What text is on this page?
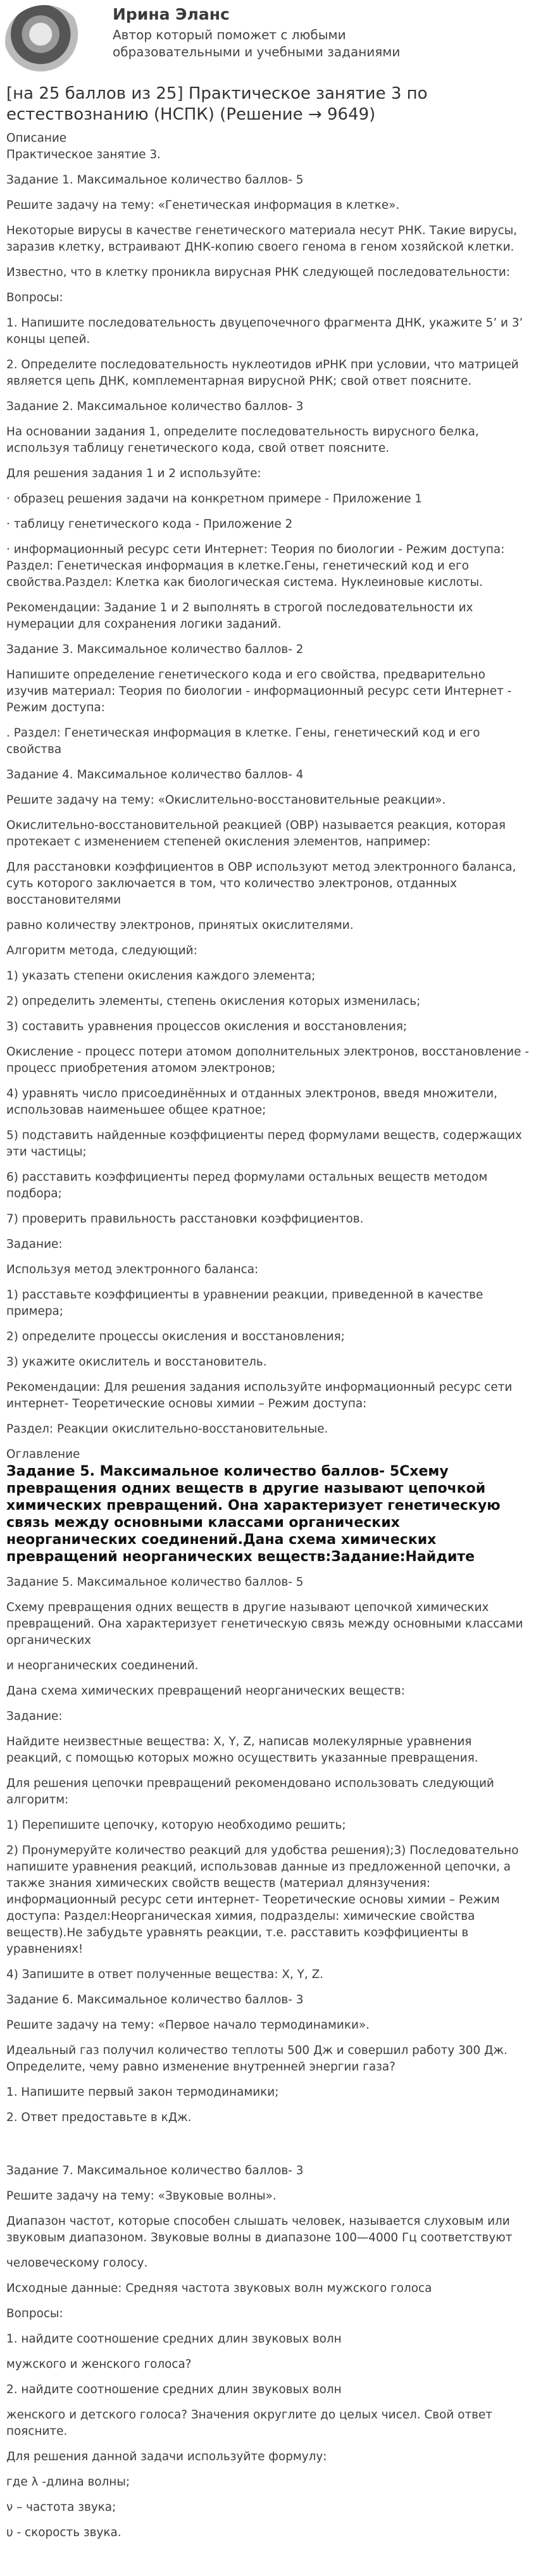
Ирина Эланс
Автор который поможет с любыми образовательными и учебными заданиями
[на 25 баллов из 25] Практическое занятие 3 по естествознанию (НСПК) (Решение → 9649)

Описание

Практическое занятие 3.

Задание 1. Максимальное количество баллов- 5

Решите задачу на тему: «Генетическая информация в клетке».

Некоторые вирусы в качестве генетического материала несут РНК. Такие вирусы, заразив клетку, встраивают ДНК-копию своего генома в геном хозяйской клетки.

Известно, что в клетку проникла вирусная РНК следующей последовательности:

Вопросы:

1. Напишите последовательность двуцепочечного фрагмента ДНК, укажите 5’ и 3’ концы цепей.

2. Определите последовательность нуклеотидов иРНК при условии, что матрицей является цепь ДНК, комплементарная вирусной РНК; свой ответ поясните.

Задание 2. Максимальное количество баллов- 3

На основании задания 1, определите последовательность вирусного белка, используя таблицу генетического кода, свой ответ поясните.

Для решения задания 1 и 2 используйте:

· образец решения задачи на конкретном примере - Приложение 1

· таблицу генетического кода - Приложение 2

· информационный ресурс сети Интернет: Теория по биологии - Режим доступа: Раздел: Генетическая информация в клетке.Гены, генетический код и его свойства.Раздел: Клетка как биологическая система. Нуклеиновые кислоты.

Рекомендации: Задание 1 и 2 выполнять в строгой последовательности их нумерации для сохранения логики заданий.

Задание 3. Максимальное количество баллов- 2

Напишите определение генетического кода и его свойства, предварительно изучив материал: Теория по биологии - информационный ресурс сети Интернет - Режим доступа:

. Раздел: Генетическая информация в клетке. Гены, генетический код и его свойства

Задание 4. Максимальное количество баллов- 4

Решите задачу на тему: «Окислительно-восстановительные реакции».

Окислительно-восстановительной реакцией (ОВР) называется реакция, которая протекает с изменением степеней окисления элементов, например:

Для расстановки коэффициентов в ОВР используют метод электронного баланса, суть которого заключается в том, что количество электронов, отданных восстановителями

равно количеству электронов, принятых окислителями.

Алгоритм метода, следующий:

1) указать степени окисления каждого элемента;

2) определить элементы, степень окисления которых изменилась;

3) составить уравнения процессов окисления и восстановления;

Окисление - процесс потери атомом дополнительных электронов, восстановление - процесс приобретения атомом электронов;

4) уравнять число присоединённых и отданных электронов, введя множители, использовав наименьшее общее кратное;

5) подставить найденные коэффициенты перед формулами веществ, содержащих эти частицы;

6) расставить коэффициенты перед формулами остальных веществ методом подбора;

7) проверить правильность расстановки коэффициентов.

Задание:

Используя метод электронного баланса:

1) расставьте коэффициенты в уравнении реакции, приведенной в качестве примера;

2) определите процессы окисления и восстановления;

3) укажите окислитель и восстановитель.

Рекомендации: Для решения задания используйте информационный ресурс сети интернет- Теоретические основы химии – Режим доступа:

Раздел: Реакции окислительно-восстановительные.

Оглавление

Задание 5. Максимальное количество баллов- 5Схему превращения одних веществ в другие называют цепочкой химических превращений. Она характеризует генетическую связь между основными классами органических неорганических соединений.Дана схема химических превращений неорганических веществ:Задание:Найдите

Задание 5. Максимальное количество баллов- 5

Схему превращения одних веществ в другие называют цепочкой химических превращений. Она характеризует генетическую связь между основными классами органических

и неорганических соединений.

Дана схема химических превращений неорганических веществ:

Задание:

Найдите неизвестные вещества: X, Y, Z, написав молекулярные уравнения реакций, с помощью которых можно осуществить указанные превращения.

Для решения цепочки превращений рекомендовано использовать следующий алгоритм:

1) Перепишите цепочку, которую необходимо решить;

2) Пронумеруйте количество реакций для удобства решения);3) Последовательно напишите уравнения реакций, использовав данные из предложенной цепочки, а также знания химических свойств веществ (материал длянзучения: информационный ресурс сети интернет- Теоретические основы химии – Режим доступа: Раздел:Неорганическая химия, подразделы: химические свойства веществ).Не забудьте уравнять реакции, т.е. расставить коэффициенты в уравнениях!

4) Запишите в ответ полученные вещества: X, Y, Z.

Задание 6. Максимальное количество баллов- 3

Решите задачу на тему: «Первое начало термодинамики».

Идеальный газ получил количество теплоты 500 Дж и совершил работу 300 Дж. Определите, чему равно изменение внутренней энергии газа?

1. Напишите первый закон термодинамики;

2. Ответ предоставьте в кДж.

Задание 7. Максимальное количество баллов- 3

Решите задачу на тему: «Звуковые волны».

Диапазон частот, которые способен слышать человек, называется слуховым или звуковым диапазоном. Звуковые волны в диапазоне 100—4000 Гц соответствуют

человеческому голосу.

Исходные данные: Средняя частота звуковых волн мужского голоса

Вопросы:

1. найдите соотношение средних длин звуковых волн

мужского и женского голоса?

2. найдите соотношение средних длин звуковых волн

женского и детского голоса? Значения округлите до целых чисел. Свой ответ поясните.

Для решения данной задачи используйте формулу:

где λ -длина волны;

ν – частота звука;

υ - скорость звука.
